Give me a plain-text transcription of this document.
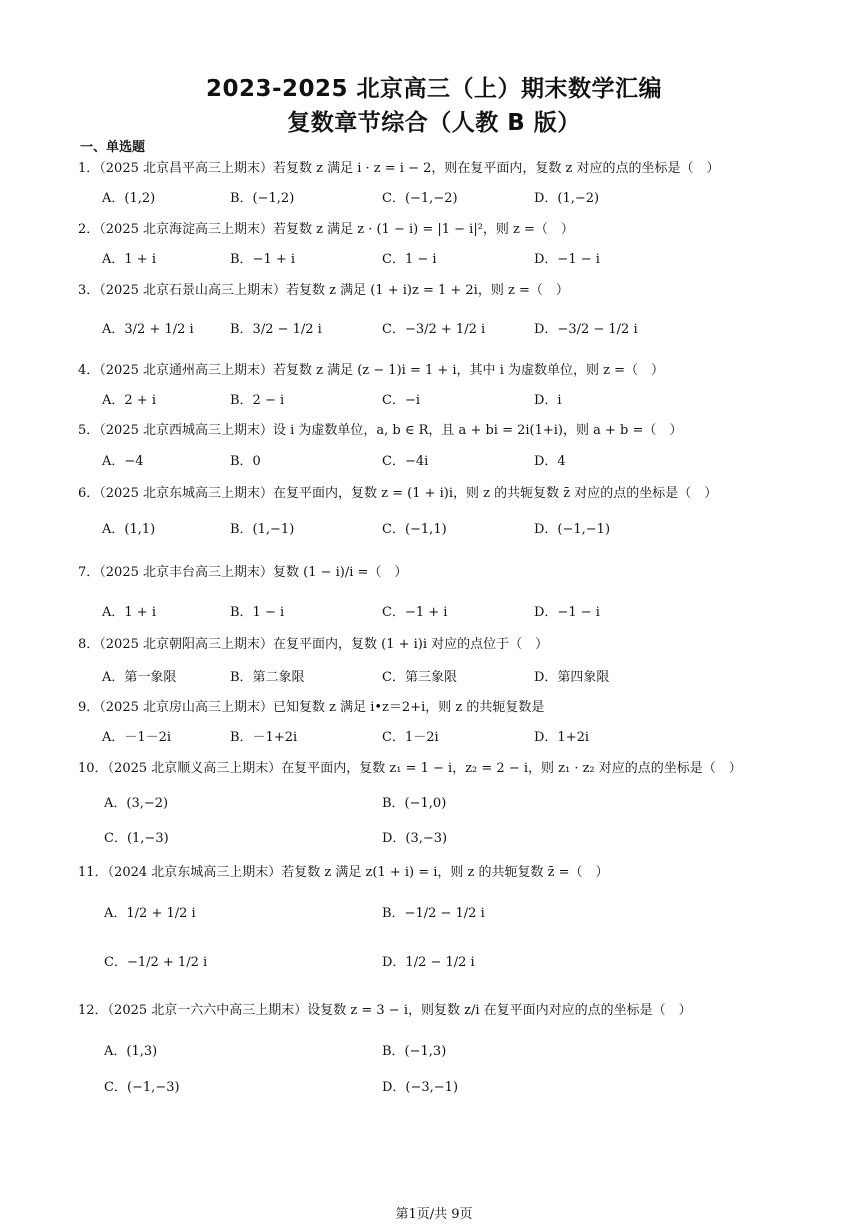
2023-2025 北京高三（上）期末数学汇编
复数章节综合（人教 B 版）
一、单选题
1．（2025 北京昌平高三上期末）若复数 z 满足 i · z = i − 2，则在复平面内，复数 z 对应的点的坐标是（　）
A．(1,2)	B．(−1,2)	C．(−1,−2)	D．(1,−2)
2．（2025 北京海淀高三上期末）若复数 z 满足 z · (1 − i) = |1 − i|²，则 z =（　）
A．1 + i	B．−1 + i	C．1 − i	D．−1 − i
3．（2025 北京石景山高三上期末）若复数 z 满足 (1 + i)z = 1 + 2i，则 z =（　）
A．3/2 + 1/2 i	B．3/2 − 1/2 i	C．−3/2 + 1/2 i	D．−3/2 − 1/2 i
4．（2025 北京通州高三上期末）若复数 z 满足 (z − 1)i = 1 + i，其中 i 为虚数单位，则 z =（　）
A．2 + i	B．2 − i	C．−i	D．i
5．（2025 北京西城高三上期末）设 i 为虚数单位，a, b ∈ R，且 a + bi = 2i(1+i)，则 a + b =（　）
A．−4	B．0	C．−4i	D．4
6．（2025 北京东城高三上期末）在复平面内，复数 z = (1 + i)i，则 z 的共轭复数 z̄ 对应的点的坐标是（　）
A．(1,1)	B．(1,−1)	C．(−1,1)	D．(−1,−1)
7．（2025 北京丰台高三上期末）复数 (1 − i)/i =（　）
A．1 + i	B．1 − i	C．−1 + i	D．−1 − i
8．（2025 北京朝阳高三上期末）在复平面内，复数 (1 + i)i 对应的点位于（　）
A．第一象限	B．第二象限	C．第三象限	D．第四象限
9．（2025 北京房山高三上期末）已知复数 z 满足 i•z＝2+i，则 z 的共轭复数是
A．－1－2i	B．－1+2i	C．1－2i	D．1+2i
10．（2025 北京顺义高三上期末）在复平面内，复数 z₁ = 1 − i，z₂ = 2 − i，则 z₁ · z₂ 对应的点的坐标是（　）
A．(3,−2)	B．(−1,0)
C．(1,−3)	D．(3,−3)
11．（2024 北京东城高三上期末）若复数 z 满足 z(1 + i) = i，则 z 的共轭复数 z̄ =（　）
A．1/2 + 1/2 i	B．−1/2 − 1/2 i
C．−1/2 + 1/2 i	D．1/2 − 1/2 i
12．（2025 北京一六六中高三上期末）设复数 z = 3 − i，则复数 z/i 在复平面内对应的点的坐标是（　）
A．(1,3)	B．(−1,3)
C．(−1,−3)	D．(−3,−1)
第1页/共 9页
